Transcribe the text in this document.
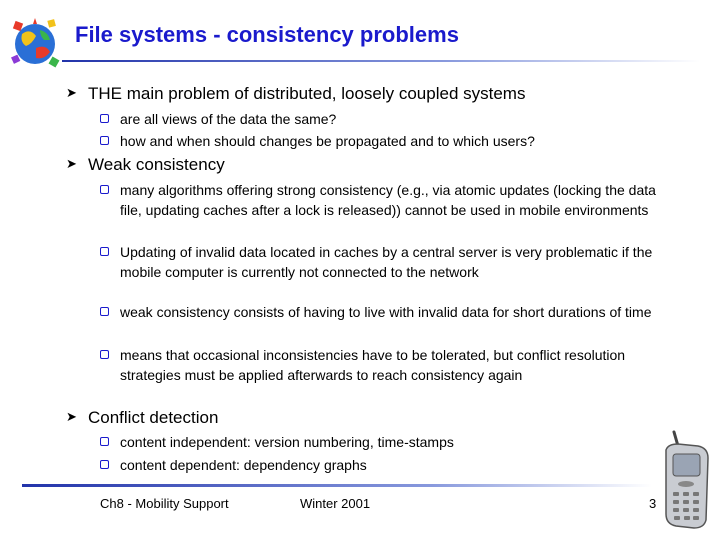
File systems - consistency problems
➤ THE main problem of distributed, loosely coupled systems
are all views of the data the same?
how and when should changes be propagated and to which users?
➤ Weak consistency
many algorithms offering strong consistency (e.g., via atomic updates (locking the data file, updating caches after a lock is released)) cannot be used in mobile environments
Updating of invalid data located in caches by a central server is very problematic if the mobile computer is currently not connected to the network
weak consistency consists of having to live with invalid data for short durations of time
means that occasional inconsistencies have to be tolerated, but conflict resolution strategies must be applied afterwards to reach consistency again
➤ Conflict detection
content independent: version numbering, time-stamps
content dependent: dependency graphs
Ch8 - Mobility Support	Winter 2001	3
